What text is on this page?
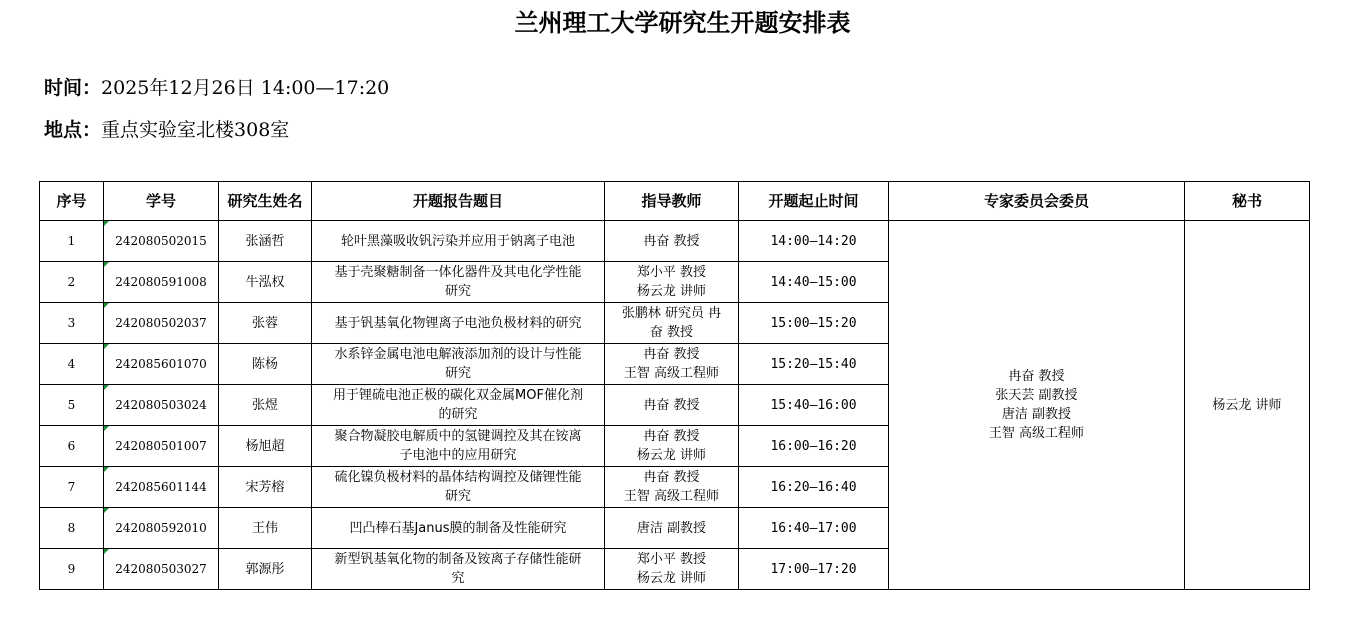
兰州理工大学研究生开题安排表
时间：2025年12月26日 14:00—17:20
地点：重点实验室北楼308室
序号	学号	研究生姓名	开题报告题目	指导教师	开题起止时间	专家委员会委员	秘书
1	242080502015	张涵哲	轮叶黑藻吸收钒污染并应用于钠离子电池	冉奋 教授	14:00—14:20	冉奋 教授
张天芸 副教授
唐洁 副教授
王智 高级工程师	杨云龙 讲师
2	242080591008	牛泓权	基于壳聚糖制备一体化器件及其电化学性能
研究	郑小平 教授
杨云龙 讲师	14:40—15:00		
3	242080502037	张蓉	基于钒基氧化物锂离子电池负极材料的研究	张鹏林 研究员 冉
奋 教授	15:00—15:20		
4	242085601070	陈杨	水系锌金属电池电解液添加剂的设计与性能
研究	冉奋 教授
王智 高级工程师	15:20—15:40		
5	242080503024	张煜	用于锂硫电池正极的碳化双金属MOF催化剂
的研究	冉奋 教授	15:40—16:00		
6	242080501007	杨旭超	聚合物凝胶电解质中的氢键调控及其在铵离
子电池中的应用研究	冉奋 教授
杨云龙 讲师	16:00—16:20		
7	242085601144	宋芳榕	硫化镍负极材料的晶体结构调控及储锂性能
研究	冉奋 教授
王智 高级工程师	16:20—16:40		
8	242080592010	王伟	凹凸棒石基Janus膜的制备及性能研究	唐洁 副教授	16:40—17:00		
9	242080503027	郭源彤	新型钒基氧化物的制备及铵离子存储性能研
究	郑小平 教授
杨云龙 讲师	17:00—17:20		
